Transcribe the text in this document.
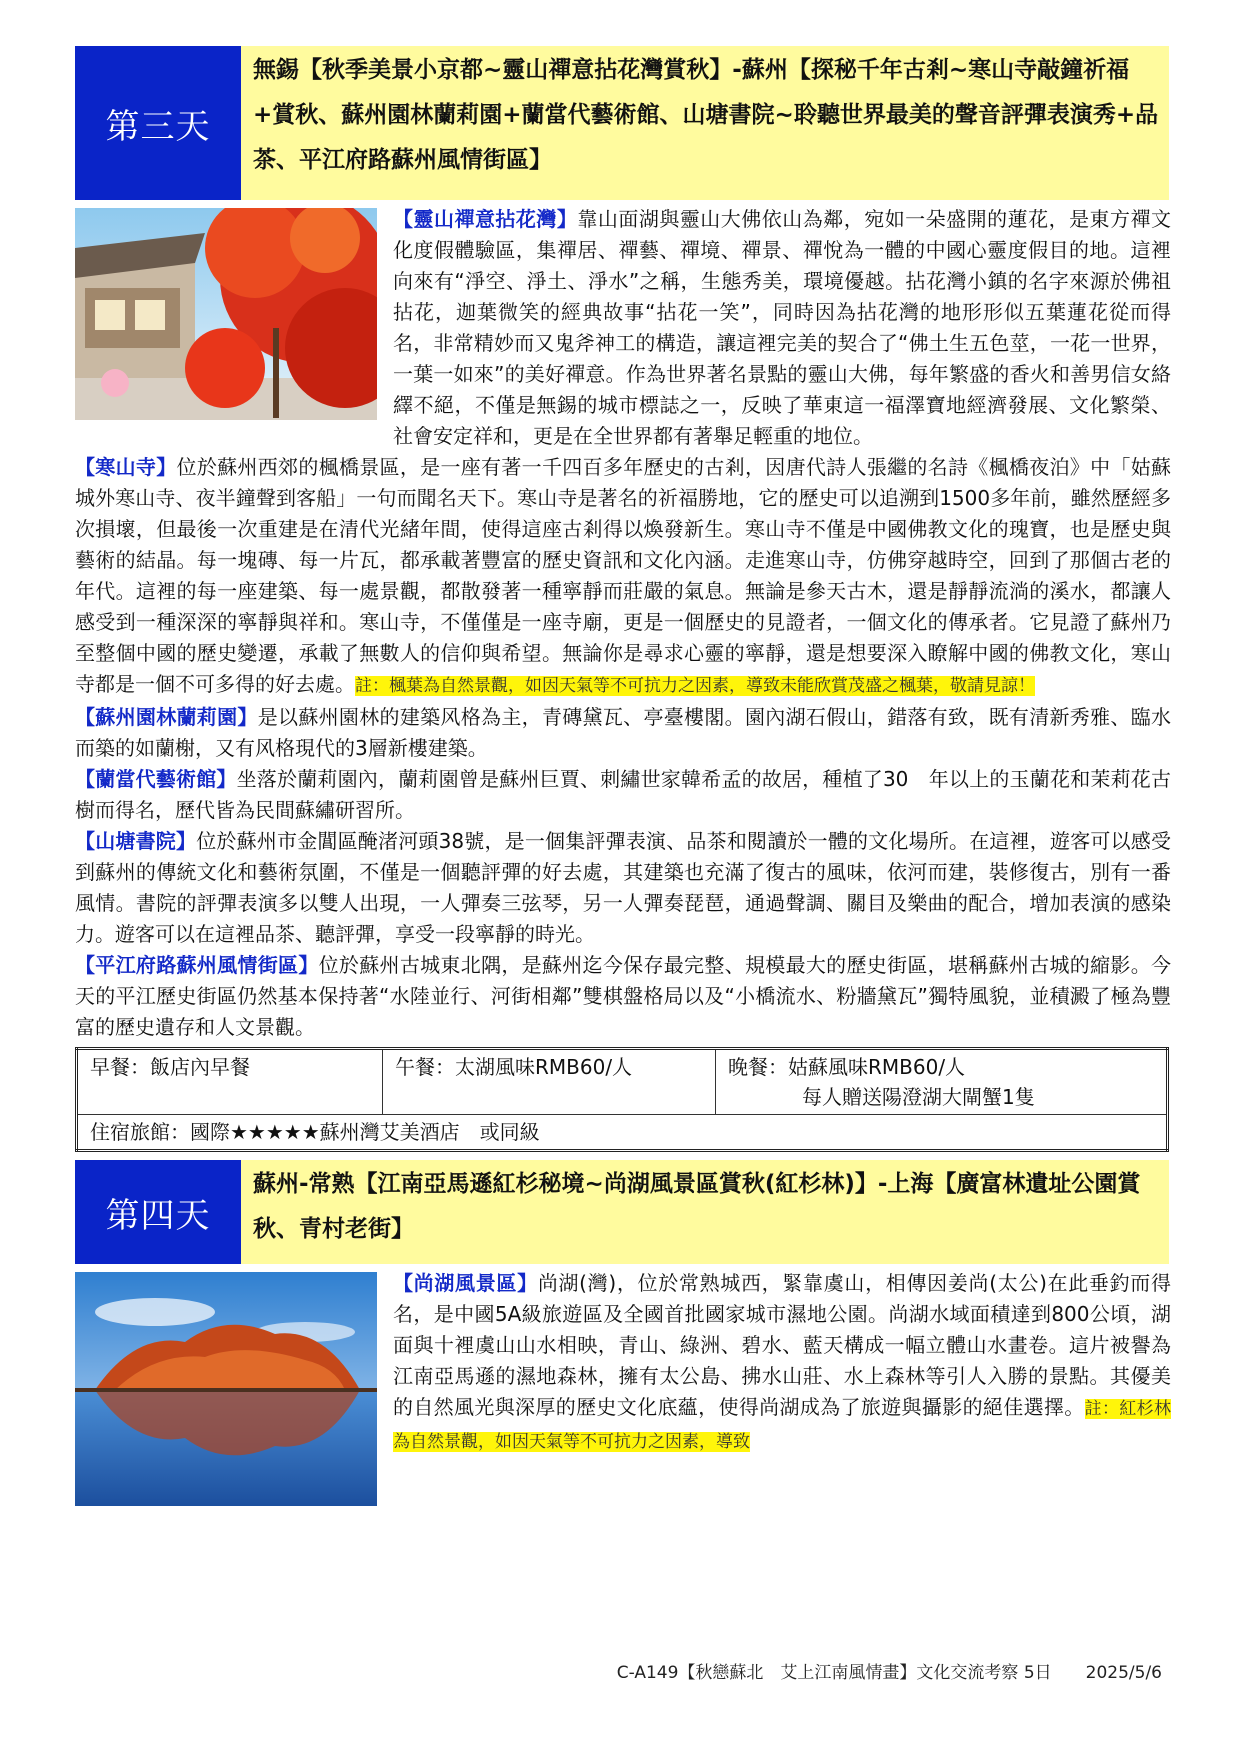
第三天
無錫【秋季美景小京都~靈山禪意拈花灣賞秋】-蘇州【探秘千年古剎~寒山寺敲鐘祈福+賞秋、蘇州園林蘭莉園+蘭當代藝術館、山塘書院~聆聽世界最美的聲音評彈表演秀+品茶、平江府路蘇州風情街區】

【靈山禪意拈花灣】靠山面湖與靈山大佛依山為鄰，宛如一朵盛開的蓮花，是東方禪文化度假體驗區，集禪居、禪藝、禪境、禪景、禪悅為一體的中國心靈度假目的地。這裡向來有“淨空、淨土、淨水”之稱，生態秀美，環境優越。拈花灣小鎮的名字來源於佛祖拈花，迦葉微笑的經典故事“拈花一笑”，同時因為拈花灣的地形形似五葉蓮花從而得名，非常精妙而又鬼斧神工的構造，讓這裡完美的契合了“佛土生五色莖，一花一世界，一葉一如來”的美好禪意。作為世界著名景點的靈山大佛，每年繁盛的香火和善男信女絡繹不絕，不僅是無錫的城市標誌之一，反映了華東這一福澤寶地經濟發展、文化繁榮、社會安定祥和，更是在全世界都有著舉足輕重的地位。

【寒山寺】位於蘇州西郊的楓橋景區，是一座有著一千四百多年歷史的古剎，因唐代詩人張繼的名詩《楓橋夜泊》中「姑蘇城外寒山寺、夜半鐘聲到客船」一句而聞名天下。寒山寺是著名的祈福勝地，它的歷史可以追溯到1500多年前，雖然歷經多次損壞，但最後一次重建是在清代光緒年間，使得這座古剎得以煥發新生。寒山寺不僅是中國佛教文化的瑰寶，也是歷史與藝術的結晶。每一塊磚、每一片瓦，都承載著豐富的歷史資訊和文化內涵。走進寒山寺，仿佛穿越時空，回到了那個古老的年代。這裡的每一座建築、每一處景觀，都散發著一種寧靜而莊嚴的氣息。無論是參天古木，還是靜靜流淌的溪水，都讓人感受到一種深深的寧靜與祥和。寒山寺，不僅僅是一座寺廟，更是一個歷史的見證者，一個文化的傳承者。它見證了蘇州乃至整個中國的歷史變遷，承載了無數人的信仰與希望。無論你是尋求心靈的寧靜，還是想要深入瞭解中國的佛教文化，寒山寺都是一個不可多得的好去處。註：楓葉為自然景觀，如因天氣等不可抗力之因素，導致未能欣賞茂盛之楓葉，敬請見諒！

【蘇州園林蘭莉園】是以蘇州園林的建築风格為主，青磚黛瓦、亭臺樓閣。園內湖石假山，錯落有致，既有清新秀雅、臨水而築的如蘭榭，又有风格現代的3層新樓建築。

【蘭當代藝術館】坐落於蘭莉園內，蘭莉園曾是蘇州巨賈、刺繡世家韓希孟的故居，種植了30　年以上的玉蘭花和茉莉花古樹而得名，歷代皆為民間蘇繡研習所。

【山塘書院】位於蘇州市金閶區醃渚河頭38號，是一個集評彈表演、品茶和閱讀於一體的文化場所。在這裡，遊客可以感受到蘇州的傳統文化和藝術氛圍，不僅是一個聽評彈的好去處，其建築也充滿了復古的風味，依河而建，裝修復古，別有一番風情。書院的評彈表演多以雙人出現，一人彈奏三弦琴，另一人彈奏琵琶，通過聲調、關目及樂曲的配合，增加表演的感染力。遊客可以在這裡品茶、聽評彈，享受一段寧靜的時光。

【平江府路蘇州風情街區】位於蘇州古城東北隅，是蘇州迄今保存最完整、規模最大的歷史街區，堪稱蘇州古城的縮影。今天的平江歷史街區仍然基本保持著“水陸並行、河街相鄰”雙棋盤格局以及“小橋流水、粉牆黛瓦”獨特風貌，並積澱了極為豐富的歷史遺存和人文景觀。

早餐：飯店內早餐	午餐：太湖風味RMB60/人	晚餐：姑蘇風味RMB60/人
每人贈送陽澄湖大閘蟹1隻

住宿旅館：國際★★★★★蘇州灣艾美酒店　或同級
第四天
蘇州-常熟【江南亞馬遜紅杉秘境~尚湖風景區賞秋(紅杉林)】-上海【廣富林遺址公園賞秋、青村老街】

【尚湖風景區】尚湖(灣)，位於常熟城西，緊靠虞山，相傳因姜尚(太公)在此垂釣而得名，是中國5A級旅遊區及全國首批國家城市濕地公園。尚湖水域面積達到800公頃，湖面與十裡虞山山水相映，青山、綠洲、碧水、藍天構成一幅立體山水畫卷。這片被譽為江南亞馬遜的濕地森林，擁有太公島、拂水山莊、水上森林等引人入勝的景點。其優美的自然風光與深厚的歷史文化底蘊，使得尚湖成為了旅遊與攝影的絕佳選擇。註：紅杉林為自然景觀，如因天氣等不可抗力之因素，導致

C-A149【秋戀蘇北　艾上江南風情畫】文化交流考察 5日　　2025/5/6
